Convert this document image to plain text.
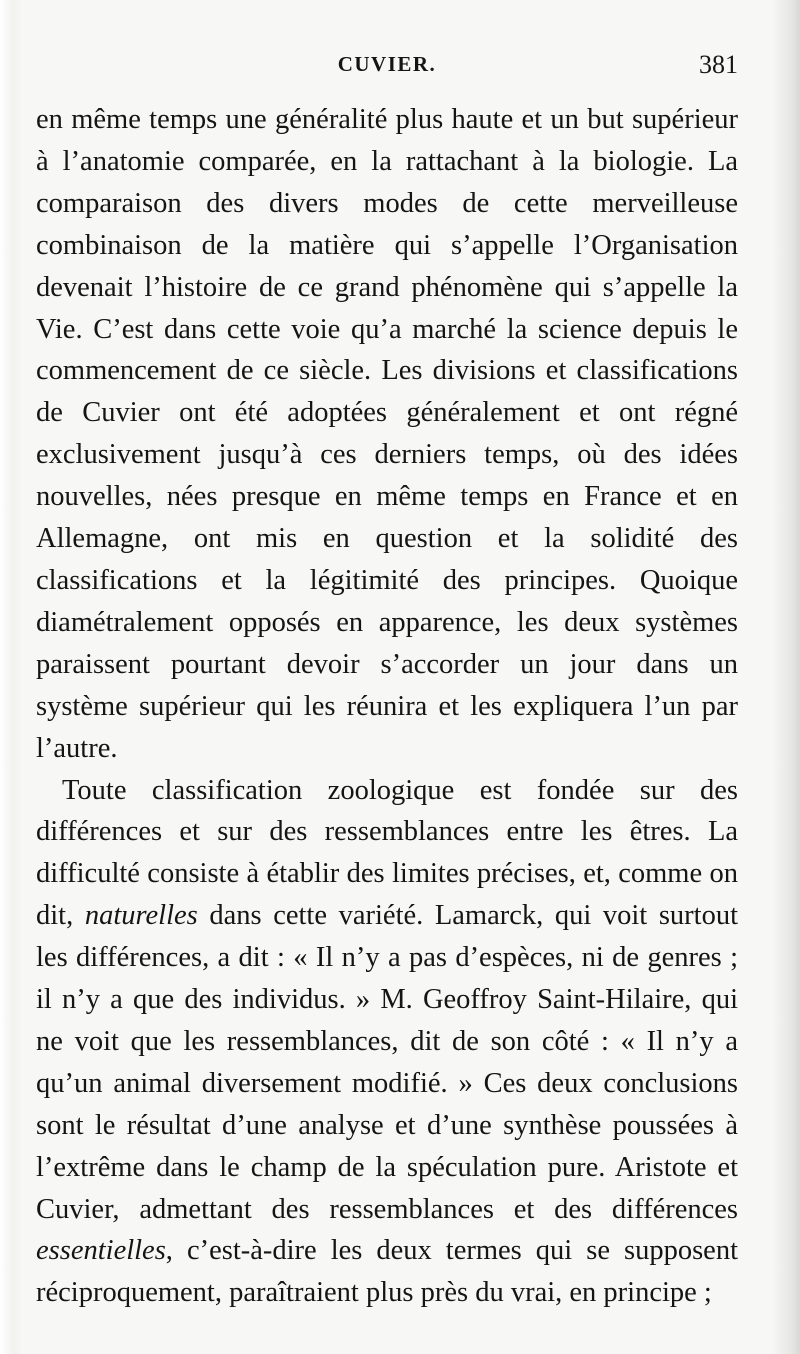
CUVIER.	381

en même temps une généralité plus haute et un but supérieur à l’anatomie comparée, en la rattachant à la biologie. La comparaison des divers modes de cette merveilleuse combinaison de la matière qui s’appelle l’Organisation devenait l’histoire de ce grand phénomène qui s’appelle la Vie. C’est dans cette voie qu’a marché la science depuis le commencement de ce siècle. Les divisions et classifications de Cuvier ont été adoptées généralement et ont régné exclusivement jusqu’à ces derniers temps, où des idées nouvelles, nées presque en même temps en France et en Allemagne, ont mis en question et la solidité des classifications et la légitimité des principes. Quoique diamétralement opposés en apparence, les deux systèmes paraissent pourtant devoir s’accorder un jour dans un système supérieur qui les réunira et les expliquera l’un par l’autre.

Toute classification zoologique est fondée sur des différences et sur des ressemblances entre les êtres. La difficulté consiste à établir des limites précises, et, comme on dit, naturelles dans cette variété. Lamarck, qui voit surtout les différences, a dit : « Il n’y a pas d’espèces, ni de genres ; il n’y a que des individus. » M. Geoffroy Saint-Hilaire, qui ne voit que les ressemblances, dit de son côté : « Il n’y a qu’un animal diversement modifié. » Ces deux conclusions sont le résultat d’une analyse et d’une synthèse poussées à l’extrême dans le champ de la spéculation pure. Aristote et Cuvier, admettant des ressemblances et des différences essentielles, c’est-à-dire les deux termes qui se supposent réciproquement, paraîtraient plus près du vrai, en principe ;
